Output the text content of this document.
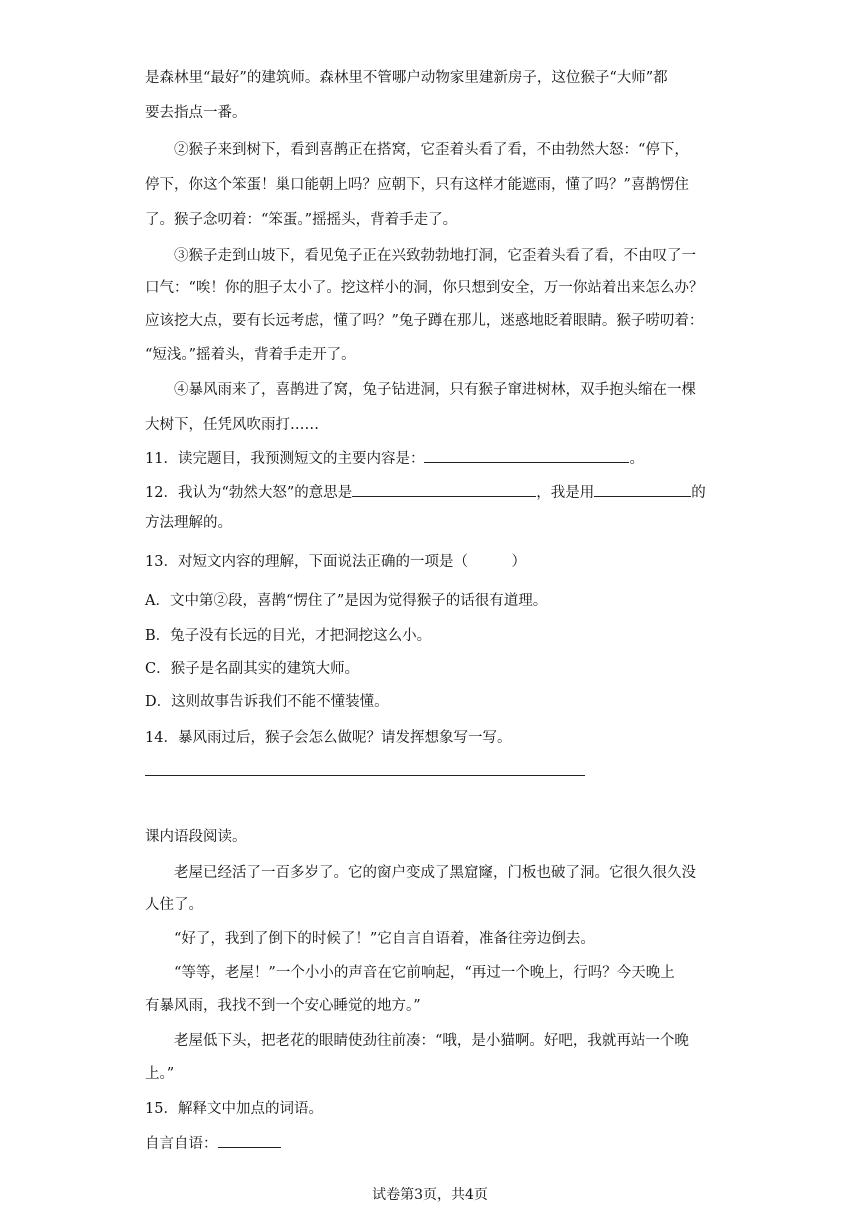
是森林里“最好”的建筑师。森林里不管哪户动物家里建新房子，这位猴子“大师”都
要去指点一番。
②猴子来到树下，看到喜鹊正在搭窝，它歪着头看了看，不由勃然大怒：“停下，
停下，你这个笨蛋！巢口能朝上吗？应朝下，只有这样才能遮雨，懂了吗？”喜鹊愣住
了。猴子念叨着：“笨蛋。”摇摇头，背着手走了。
③猴子走到山坡下，看见兔子正在兴致勃勃地打洞，它歪着头看了看，不由叹了一
口气：“唉！你的胆子太小了。挖这样小的洞，你只想到安全，万一你站着出来怎么办？
应该挖大点，要有长远考虑，懂了吗？”兔子蹲在那儿，迷惑地眨着眼睛。猴子唠叨着：
“短浅。”摇着头，背着手走开了。
④暴风雨来了，喜鹊进了窝，兔子钻进洞，只有猴子窜进树林，双手抱头缩在一棵
大树下，任凭风吹雨打……
11．读完题目，我预测短文的主要内容是：	。
12．我认为“勃然大怒”的意思是	，我是用	的
方法理解的。
13．对短文内容的理解，下面说法正确的一项是（　　　）
A．文中第②段，喜鹊“愣住了”是因为觉得猴子的话很有道理。
B．兔子没有长远的目光，才把洞挖这么小。
C．猴子是名副其实的建筑大师。
D．这则故事告诉我们不能不懂装懂。
14．暴风雨过后，猴子会怎么做呢？请发挥想象写一写。
课内语段阅读。
老屋已经活了一百多岁了。它的窗户变成了黑窟窿，门板也破了洞。它很久很久没
人住了。
“好了，我到了倒下的时候了！”它自言自语着，准备往旁边倒去。
“等等，老屋！”一个小小的声音在它前响起，“再过一个晚上，行吗？今天晚上
有暴风雨，我找不到一个安心睡觉的地方。”
老屋低下头，把老花的眼睛使劲往前凑：“哦，是小猫啊。好吧，我就再站一个晚
上。”
15．解释文中加点的词语。
自言自语：
试卷第3页，共4页
